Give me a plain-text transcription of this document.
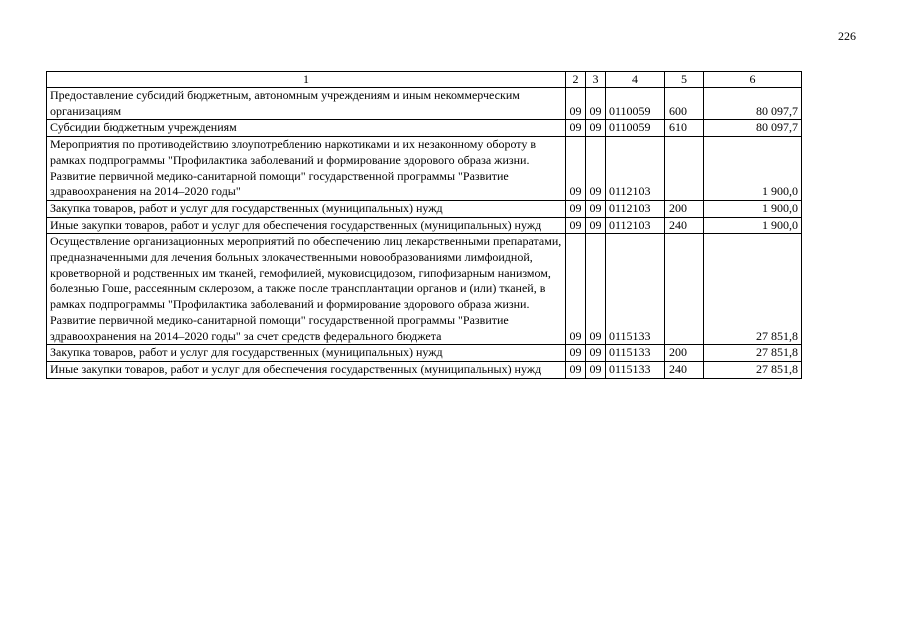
226
1	2	3	4	5	6
Предоставление субсидий бюджетным, автономным учреждениям и иным некоммерческим организациям	09	09	0110059	600	80 097,7
Субсидии бюджетным учреждениям	09	09	0110059	610	80 097,7
Мероприятия по противодействию злоупотреблению наркотиками и их незаконному обороту в рамках подпрограммы "Профилактика заболеваний и формирование здорового образа жизни. Развитие первичной медико-санитарной помощи" государственной программы "Развитие здравоохранения на 2014–2020 годы"	09	09	0112103		1 900,0
Закупка товаров, работ и услуг для государственных (муниципальных) нужд	09	09	0112103	200	1 900,0
Иные закупки товаров, работ и услуг для обеспечения государственных (муниципальных) нужд	09	09	0112103	240	1 900,0
Осуществление организационных мероприятий по обеспечению лиц лекарственными препаратами, предназначенными для лечения больных злокачественными новообразованиями лимфоидной, кроветворной и родственных им тканей, гемофилией, муковисцидозом, гипофизарным нанизмом, болезнью Гоше, рассеянным склерозом, а также после трансплантации органов и (или) тканей, в рамках подпрограммы "Профилактика заболеваний и формирование здорового образа жизни. Развитие первичной медико-санитарной помощи" государственной программы "Развитие здравоохранения на 2014–2020 годы" за счет средств федерального бюджета	09	09	0115133		27 851,8
Закупка товаров, работ и услуг для государственных (муниципальных) нужд	09	09	0115133	200	27 851,8
Иные закупки товаров, работ и услуг для обеспечения государственных (муниципальных) нужд	09	09	0115133	240	27 851,8
